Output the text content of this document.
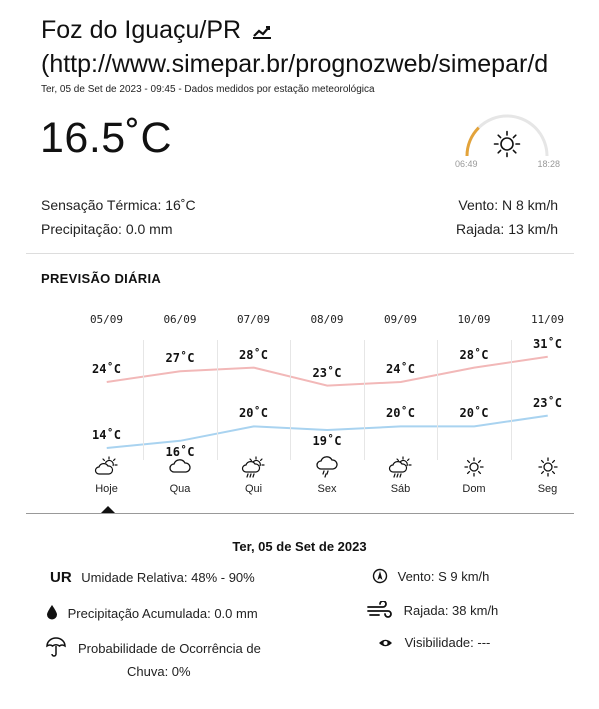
Foz do Iguaçu/PR
(http://www.simepar.br/prognozweb/simepar/d
Ter, 05 de Set de 2023 - 09:45 - Dados medidos por estação meteorológica
16.5˚C
06:49	18:28
Sensação Térmica: 16˚C
Precipitação: 0.0 mm
Vento: N 8 km/h
Rajada: 13 km/h
PREVISÃO DIÁRIA
05/09
24˚C
14˚C
Hoje
06/09
27˚C
16˚C
Qua
07/09
28˚C
20˚C
Qui
08/09
23˚C
19˚C
Sex
09/09
24˚C
20˚C
Sáb
10/09
28˚C
20˚C
Dom
11/09
31˚C
23˚C
Seg
Ter, 05 de Set de 2023
UR Umidade Relativa: 48% - 90%
Precipitação Acumulada: 0.0 mm
Probabilidade de Ocorrência de
Chuva: 0%
Vento: S 9 km/h
Rajada: 38 km/h
Visibilidade: ---
